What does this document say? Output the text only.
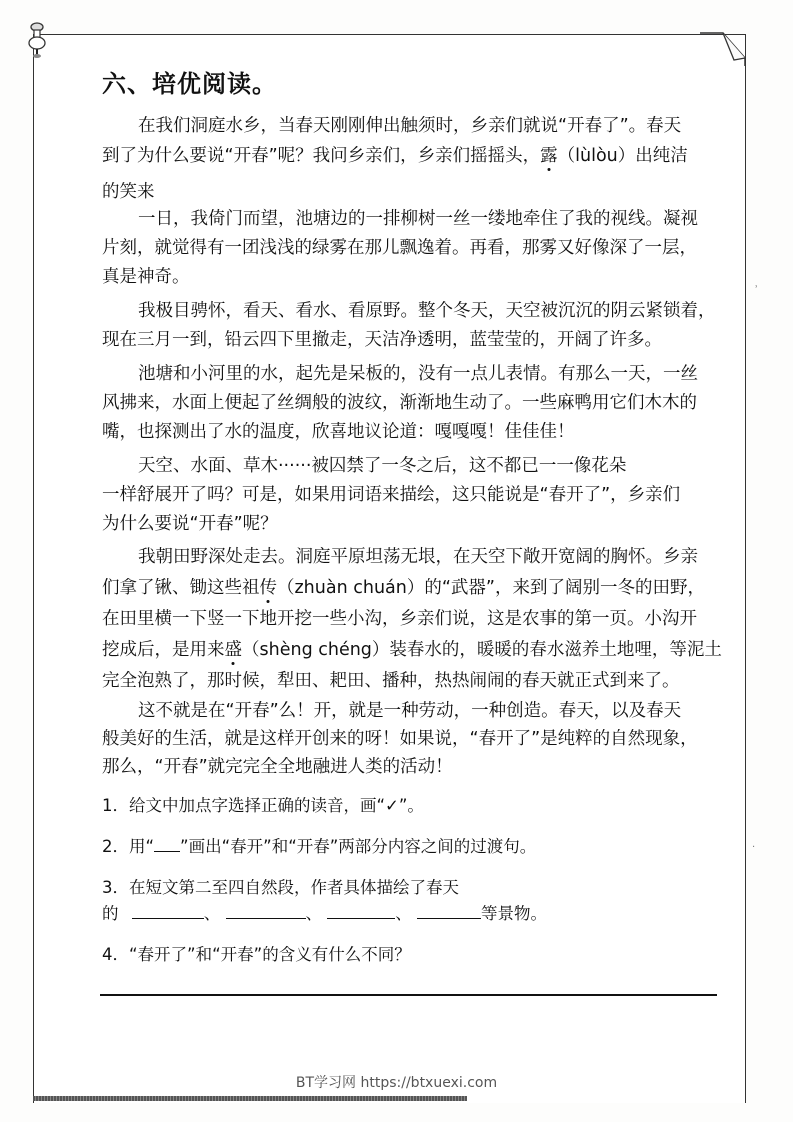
六、培优阅读。
在我们洞庭水乡，当春天刚刚伸出触须时，乡亲们就说“开春了”。春天
到了为什么要说“开春”呢？我问乡亲们，乡亲们摇摇头，露（lùlòu）出纯洁
的笑来
一日，我倚门而望，池塘边的一排柳树一丝一缕地牵住了我的视线。凝视
片刻，就觉得有一团浅浅的绿雾在那儿飘逸着。再看，那雾又好像深了一层，
真是神奇。
我极目骋怀，看天、看水、看原野。整个冬天，天空被沉沉的阴云紧锁着，
现在三月一到，铅云四下里撤走，天洁净透明，蓝莹莹的，开阔了许多。
池塘和小河里的水，起先是呆板的，没有一点儿表情。有那么一天，一丝
风拂来，水面上便起了丝绸般的波纹，渐渐地生动了。一些麻鸭用它们木木的
嘴，也探测出了水的温度，欣喜地议论道：嘎嘎嘎！佳佳佳！
天空、水面、草木······被囚禁了一冬之后，这不都已一一像花朵
一样舒展开了吗？可是，如果用词语来描绘，这只能说是“春开了”，乡亲们
为什么要说“开春”呢？
我朝田野深处走去。洞庭平原坦荡无垠，在天空下敞开宽阔的胸怀。乡亲
们拿了锹、锄这些祖传（zhuàn chuán）的“武器”，来到了阔别一冬的田野，
在田里横一下竖一下地开挖一些小沟，乡亲们说，这是农事的第一页。小沟开
挖成后，是用来盛（shèng chéng）装春水的，暖暖的春水滋养土地哩，等泥土
完全泡熟了，那时候，犁田、耙田、播种，热热闹闹的春天就正式到来了。
这不就是在“开春”么！开，就是一种劳动，一种创造。春天，以及春天
般美好的生活，就是这样开创来的呀！如果说，“春开了”是纯粹的自然现象，
那么，“开春”就完完全全地融进人类的活动！
1．给文中加点字选择正确的读音，画“✓”。
2．用“ ”画出“春开”和“开春”两部分内容之间的过渡句。
3．在短文第二至四自然段，作者具体描绘了春天
的	、	、	、	等景物。
4．“春开了”和“开春”的含义有什么不同？
BT学习网 https://btxuexi.com
˒
·
